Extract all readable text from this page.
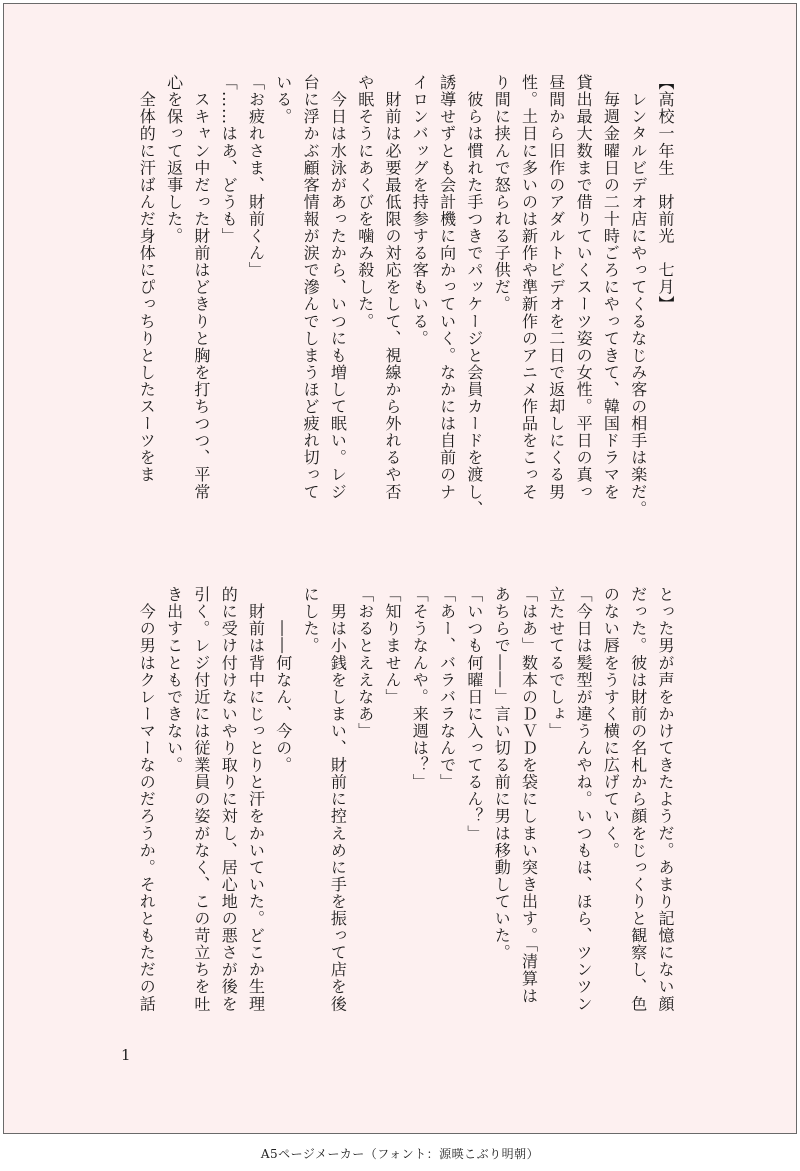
【高校一年生　財前光　七月】
　レンタルビデオ店にやってくるなじみ客の相手は楽だ。
　毎週金曜日の二十時ごろにやってきて、韓国ドラマを
貸出最大数まで借りていくスーツ姿の女性。平日の真っ
昼間から旧作のアダルトビデオを二日で返却しにくる男
性。土日に多いのは新作や準新作のアニメ作品をこっそ
り間に挟んで怒られる子供だ。
　彼らは慣れた手つきでパッケージと会員カードを渡し、
誘導せずとも会計機に向かっていく。なかには自前のナ
イロンバッグを持参する客もいる。
　財前は必要最低限の対応をして、視線から外れるや否
や眠そうにあくびを噛み殺した。
　今日は水泳があったから、いつにも増して眠い。レジ
台に浮かぶ顧客情報が涙で滲んでしまうほど疲れ切って
いる。
「お疲れさま、財前くん」
「……はあ、どうも」
　スキャン中だった財前はどきりと胸を打ちつつ、平常
心を保って返事した。
　全体的に汗ばんだ身体にぴっちりとしたスーツをま
とった男が声をかけてきたようだ。あまり記憶にない顔
だった。彼は財前の名札から顔をじっくりと観察し、色
のない唇をうすく横に広げていく。
「今日は髪型が違うんやね。いつもは、ほら、ツンツン
立たせてるでしょ」
「はあ」数本のＤＶＤを袋にしまい突き出す。「清算は
あちらで――」言い切る前に男は移動していた。
「いつも何曜日に入ってるん？」
「あー、バラバラなんで」
「そうなんや。来週は？」
「知りません」
「おるとええなあ」
　男は小銭をしまい、財前に控えめに手を振って店を後
にした。
　　――何なん、今の。
　財前は背中にじっとりと汗をかいていた。どこか生理
的に受け付けないやり取りに対し、居心地の悪さが後を
引く。レジ付近には従業員の姿がなく、この苛立ちを吐
き出すこともできない。
　今の男はクレーマーなのだろうか。それともただの話
1
A5ページメーカー（フォント：源暎こぶり明朝）
